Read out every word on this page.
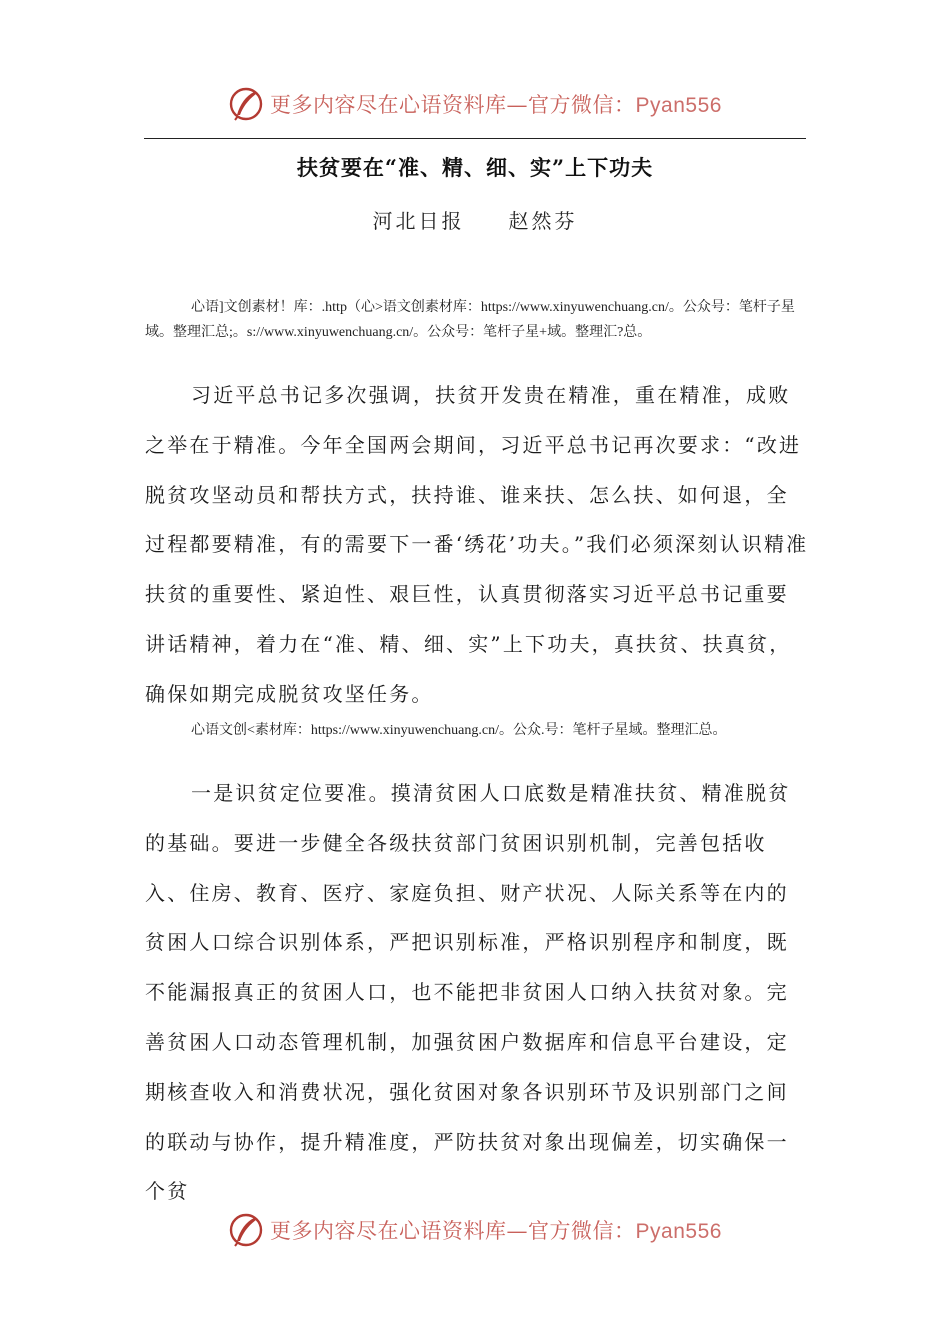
更多内容尽在心语资料库—官方微信：Pyan556
扶贫要在“准、精、细、实”上下功夫
河北日报 赵然芬

心语]文创素材！库：.http（心>语文创素材库：https://www.xinyuwenchuang.cn/。公众号：笔杆子星域。整理汇总;。s://www.xinyuwenchuang.cn/。公众号：笔杆子星+域。整理汇?总。

习近平总书记多次强调，扶贫开发贵在精准，重在精准，成败之举在于精准。今年全国两会期间，习近平总书记再次要求：“改进脱贫攻坚动员和帮扶方式，扶持谁、谁来扶、怎么扶、如何退，全过程都要精准，有的需要下一番‘绣花’功夫。”我们必须深刻认识精准扶贫的重要性、紧迫性、艰巨性，认真贯彻落实习近平总书记重要讲话精神，着力在“准、精、细、实”上下功夫，真扶贫、扶真贫，确保如期完成脱贫攻坚任务。

心语文创<素材库：https://www.xinyuwenchuang.cn/。公众.号：笔杆子星域。整理汇总。

一是识贫定位要准。摸清贫困人口底数是精准扶贫、精准脱贫的基础。要进一步健全各级扶贫部门贫困识别机制，完善包括收入、住房、教育、医疗、家庭负担、财产状况、人际关系等在内的贫困人口综合识别体系，严把识别标准，严格识别程序和制度，既不能漏报真正的贫困人口，也不能把非贫困人口纳入扶贫对象。完善贫困人口动态管理机制，加强贫困户数据库和信息平台建设，定期核查收入和消费状况，强化贫困对象各识别环节及识别部门之间的联动与协作，提升精准度，严防扶贫对象出现偏差，切实确保一个贫

更多内容尽在心语资料库—官方微信：Pyan556
